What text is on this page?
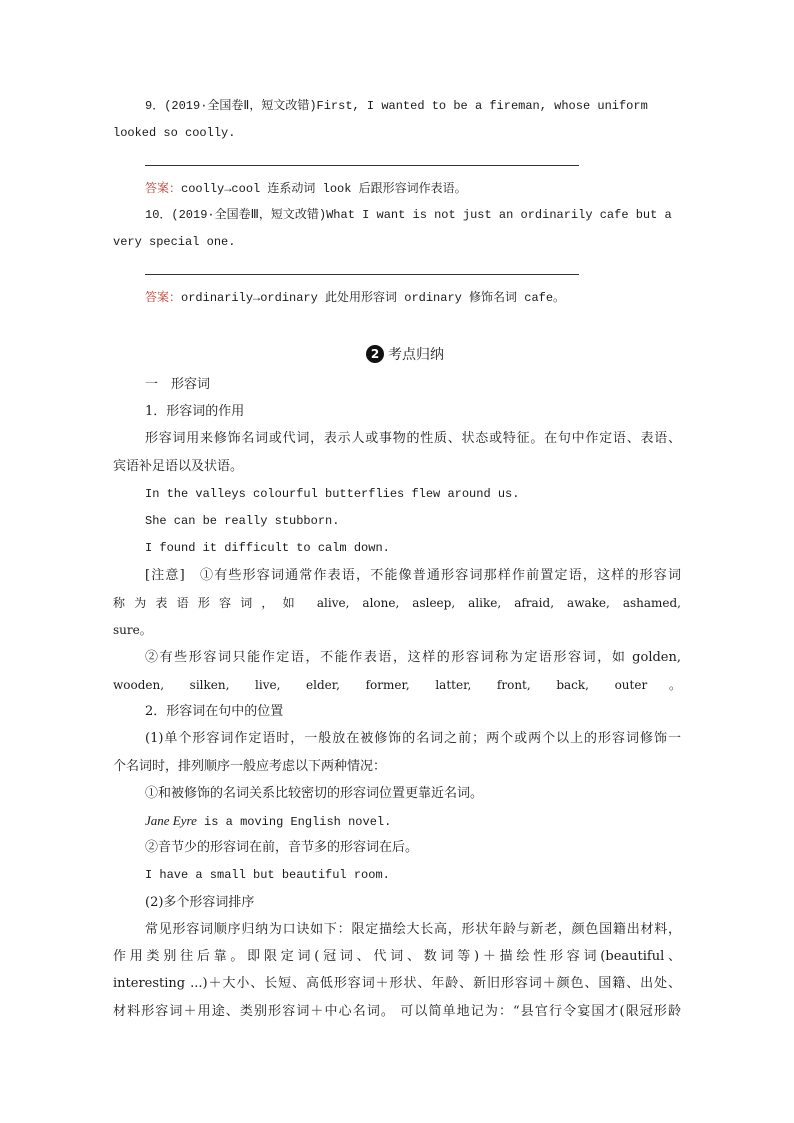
9．(2019·全国卷Ⅱ，短文改错)First, I wanted to be a fireman, whose uniform
looked so coolly.
答案：coolly→cool 连系动词 look 后跟形容词作表语。
10．(2019·全国卷Ⅲ，短文改错)What I want is not just an ordinarily cafe but a
very special one.
答案：ordinarily→ordinary 此处用形容词 ordinary 修饰名词 cafe。
2 考点归纳
一　形容词
1．形容词的作用
形容词用来修饰名词或代词，表示人或事物的性质、状态或特征。在句中作定语、表语、
宾语补足语以及状语。
In the valleys colourful butterflies flew around us.
She can be really stubborn.
I found it difficult to calm down.
[注意]　①有些形容词通常作表语，不能像普通形容词那样作前置定语，这样的形容词
称为表语形容词，如 alive, alone, asleep, alike, afraid, awake, ashamed,
sure。
②有些形容词只能作定语，不能作表语，这样的形容词称为定语形容词，如 golden,
wooden, silken, live, elder, former, latter, front, back, outer。
2．形容词在句中的位置
(1)单个形容词作定语时，一般放在被修饰的名词之前；两个或两个以上的形容词修饰一
个名词时，排列顺序一般应考虑以下两种情况：
①和被修饰的名词关系比较密切的形容词位置更靠近名词。
Jane Eyre is a moving English novel.
②音节少的形容词在前，音节多的形容词在后。
I have a small but beautiful room.
(2)多个形容词排序
常见形容词顺序归纳为口诀如下：限定描绘大长高，形状年龄与新老，颜色国籍出材料，
作用类别往后靠。即限定词(冠词、代词、数词等)＋描绘性形容词(beautiful、
interesting ...)＋大小、长短、高低形容词＋形状、年龄、新旧形容词＋颜色、国籍、出处、
材料形容词＋用途、类别形容词＋中心名词。 可以简单地记为：“县官行令宴国才(限冠形龄
